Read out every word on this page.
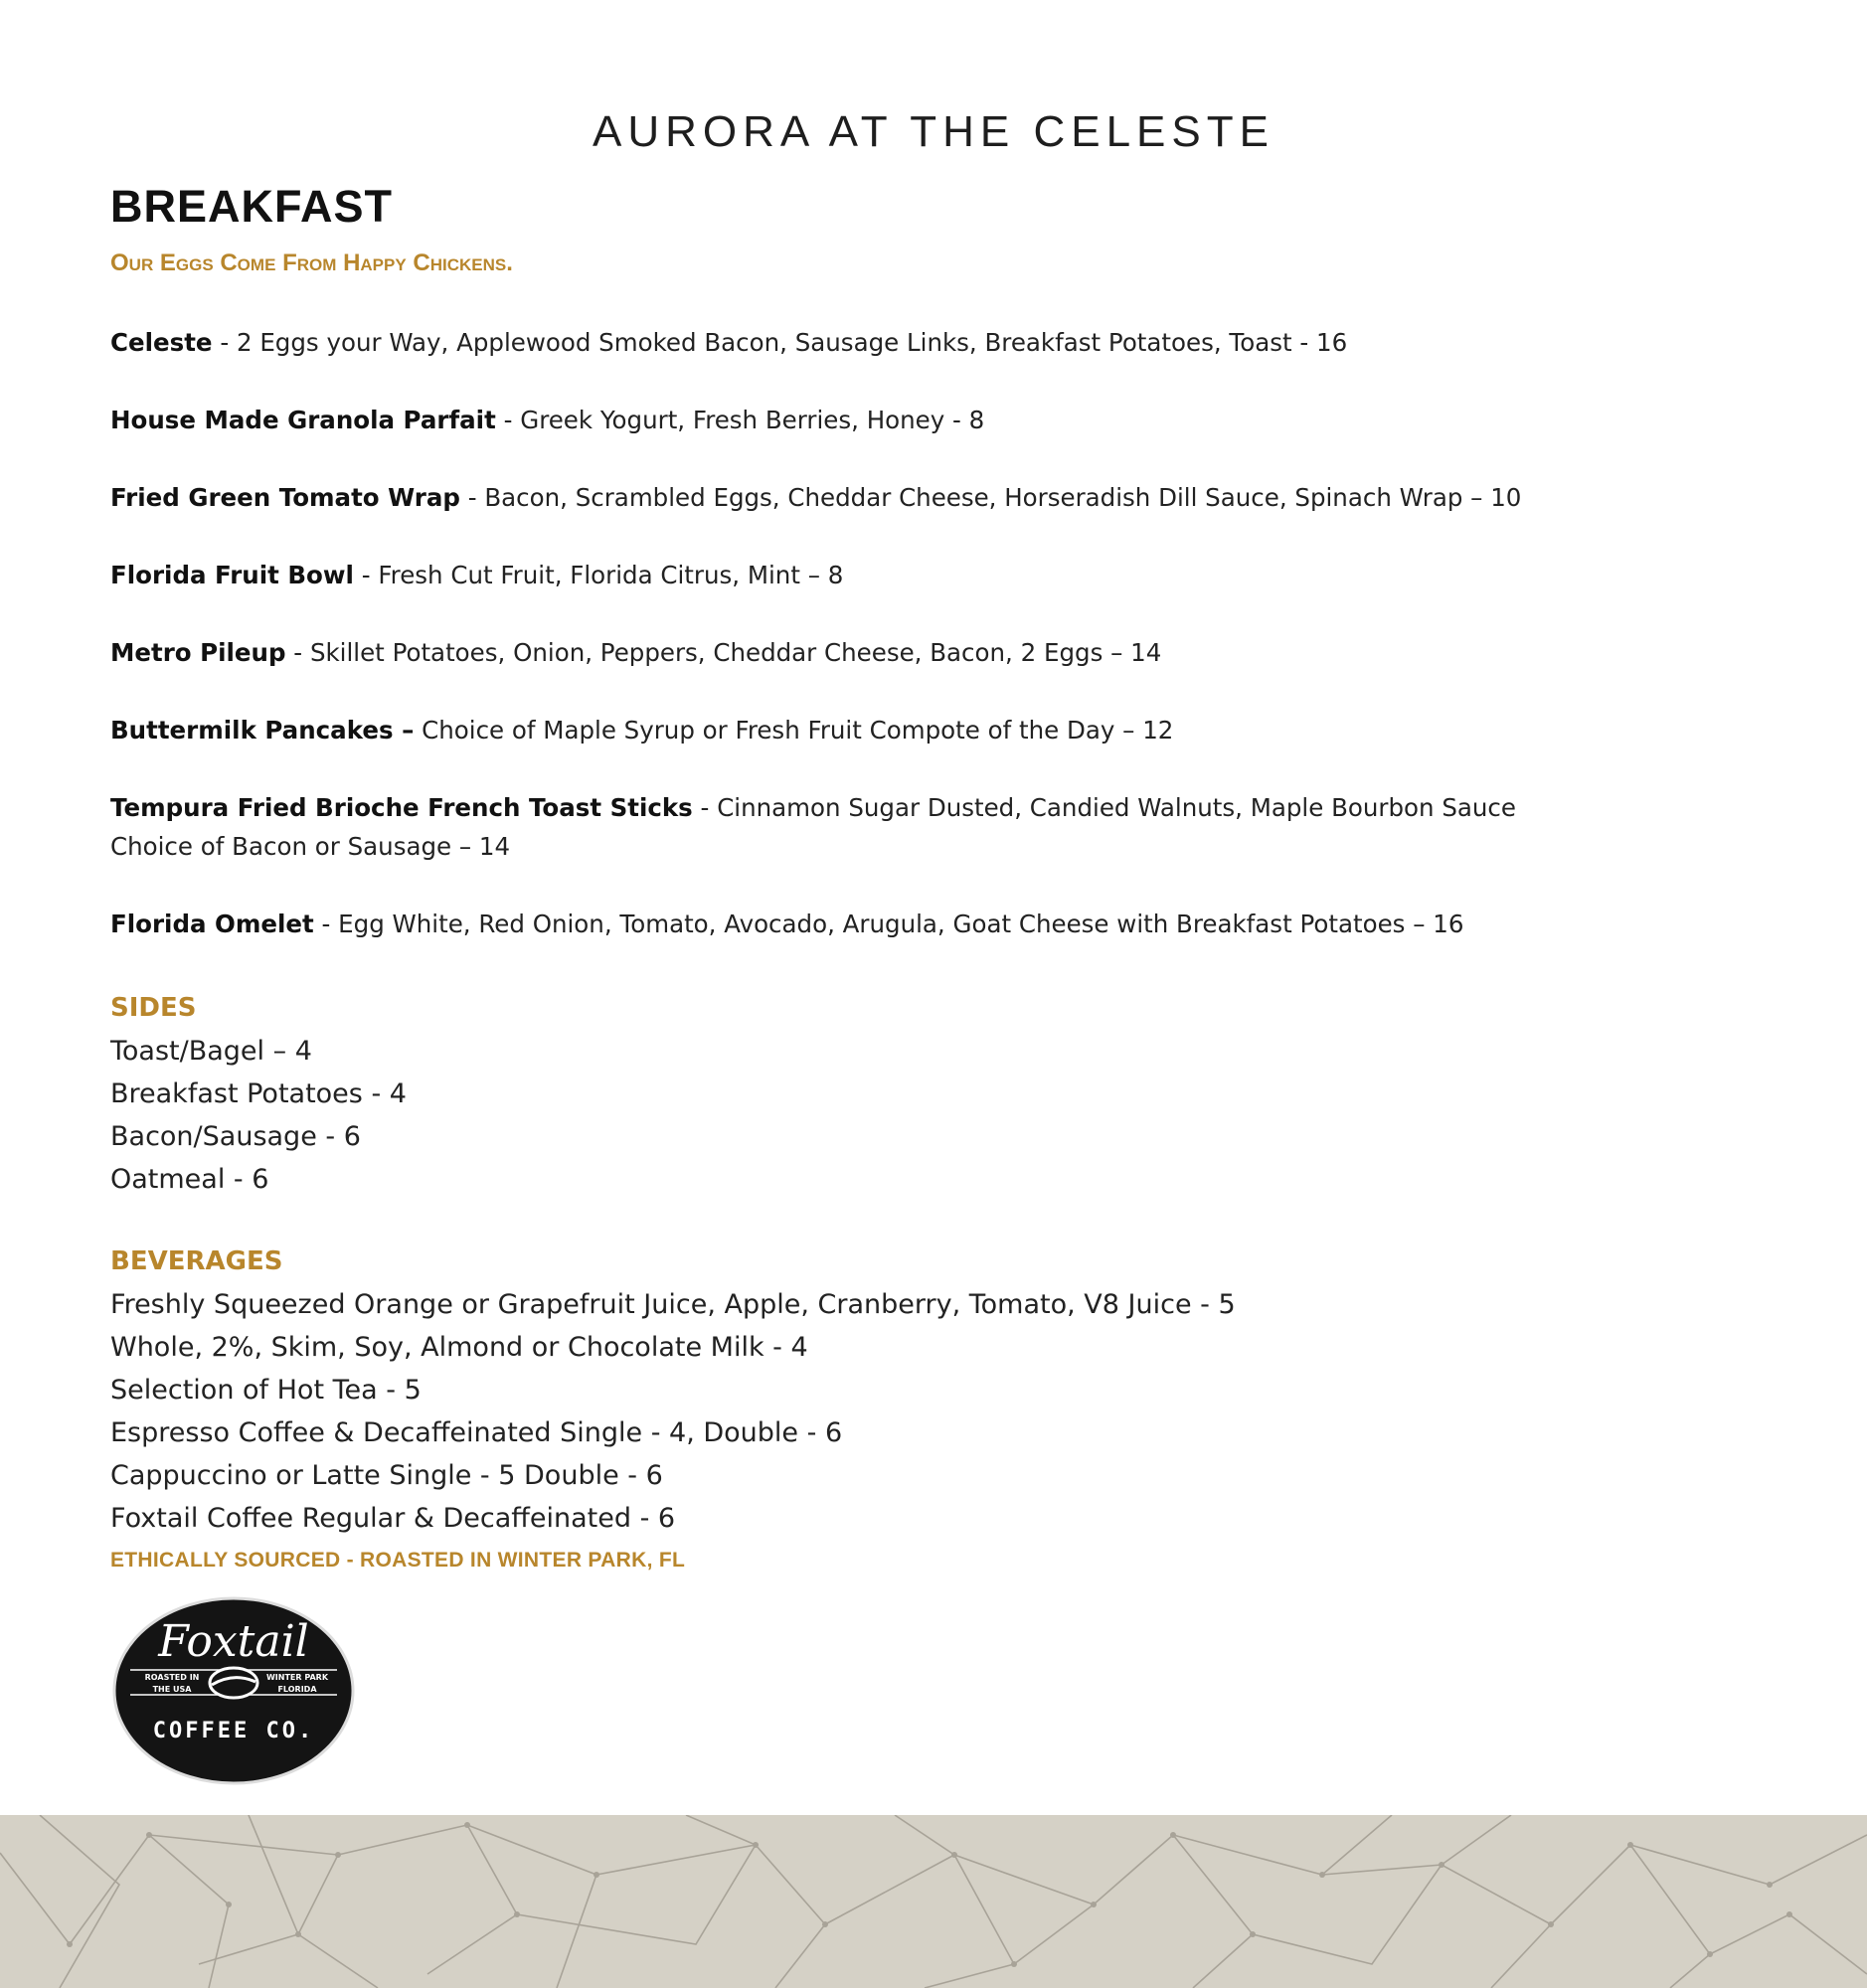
AURORA AT THE CELESTE
BREAKFAST
Our Eggs Come From Happy Chickens.
Celeste - 2 Eggs your Way, Applewood Smoked Bacon, Sausage Links, Breakfast Potatoes, Toast - 16
House Made Granola Parfait - Greek Yogurt, Fresh Berries, Honey - 8
Fried Green Tomato Wrap - Bacon, Scrambled Eggs, Cheddar Cheese, Horseradish Dill Sauce, Spinach Wrap – 10
Florida Fruit Bowl - Fresh Cut Fruit, Florida Citrus, Mint – 8
Metro Pileup - Skillet Potatoes, Onion, Peppers, Cheddar Cheese, Bacon, 2 Eggs – 14
Buttermilk Pancakes – Choice of Maple Syrup or Fresh Fruit Compote of the Day – 12
Tempura Fried Brioche French Toast Sticks - Cinnamon Sugar Dusted, Candied Walnuts, Maple Bourbon Sauce
Choice of Bacon or Sausage – 14
Florida Omelet - Egg White, Red Onion, Tomato, Avocado, Arugula, Goat Cheese with Breakfast Potatoes – 16
SIDES
Toast/Bagel – 4
Breakfast Potatoes - 4
Bacon/Sausage - 6
Oatmeal - 6
BEVERAGES
Freshly Squeezed Orange or Grapefruit Juice, Apple, Cranberry, Tomato, V8 Juice - 5
Whole, 2%, Skim, Soy, Almond or Chocolate Milk - 4
Selection of Hot Tea - 5
Espresso Coffee & Decaffeinated Single - 4, Double - 6
Cappuccino or Latte Single - 5 Double - 6
Foxtail Coffee Regular & Decaffeinated - 6
ETHICALLY SOURCED - ROASTED IN WINTER PARK, FL
Foxtail
ROASTED IN
THE USA
WINTER PARK
FLORIDA
COFFEE CO.
